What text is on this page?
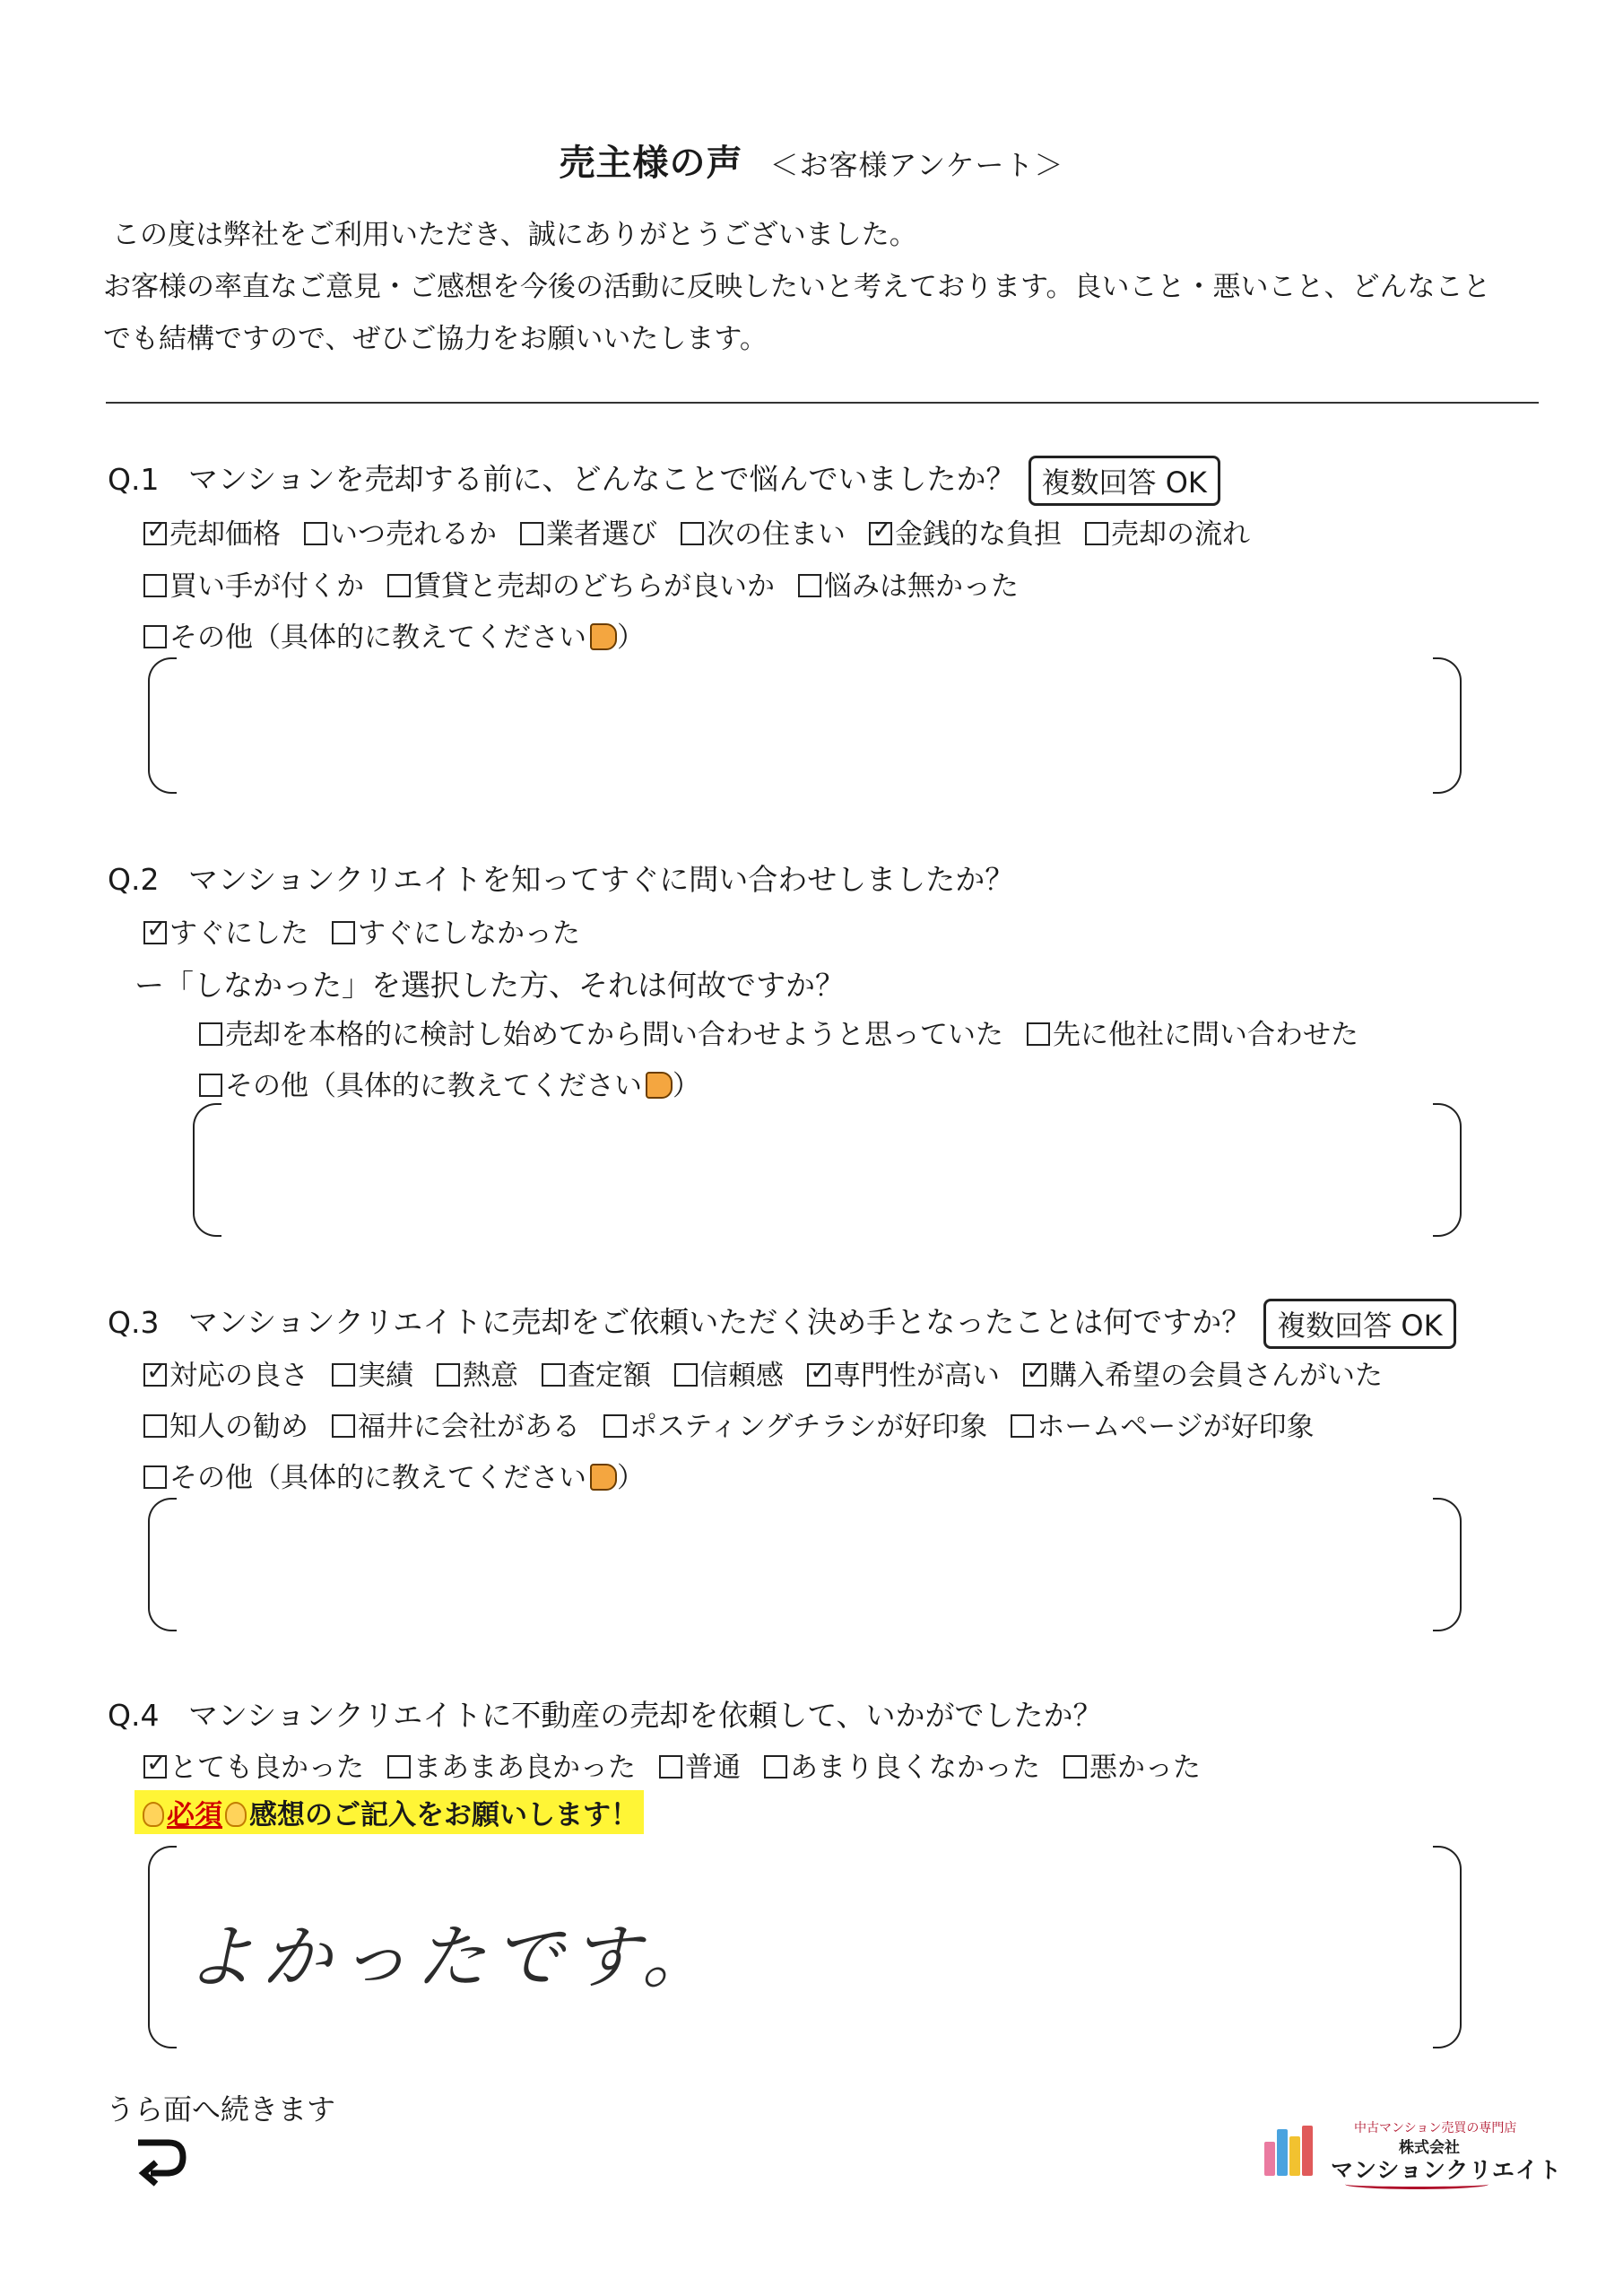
売主様の声 ＜お客様アンケート＞

この度は弊社をご利用いただき、誠にありがとうございました。

お客様の率直なご意見・ご感想を今後の活動に反映したいと考えております。良いこと・悪いこと、どんなこと

でも結構ですので、ぜひご協力をお願いいたします。

Q.1 マンションを売却する前に、どんなことで悩んでいましたか？ 複数回答 OK
✓売却価格 いつ売れるか 業者選び 次の住まい ✓ 金銭的な負担 売却の流れ
買い手が付くか 賃貸と売却のどちらが良いか 悩みは無かった
その他（具体的に教えてください ）
Q.2 マンションクリエイトを知ってすぐに問い合わせしましたか？
✓すぐにした すぐにしなかった
ー「しなかった」を選択した方、それは何故ですか？
売却を本格的に検討し始めてから問い合わせようと思っていた 先に他社に問い合わせた
その他（具体的に教えてください ）
Q.3 マンションクリエイトに売却をご依頼いただく決め手となったことは何ですか？ 複数回答 OK
✓対応の良さ 実績 熱意 査定額 信頼感 ✓ 専門性が高い ✓ 購入希望の会員さんがいた
知人の勧め 福井に会社がある ポスティングチラシが好印象 ホームページが好印象
その他（具体的に教えてください ）
Q.4 マンションクリエイトに不動産の売却を依頼して、いかがでしたか？
✓とても良かった まあまあ良かった 普通 あまり良くなかった 悪かった
必須 感想のご記入をお願いします！
よかったです。
うら面へ続きます
中古マンション売買の専門店
株式会社
マンションクリエイト
